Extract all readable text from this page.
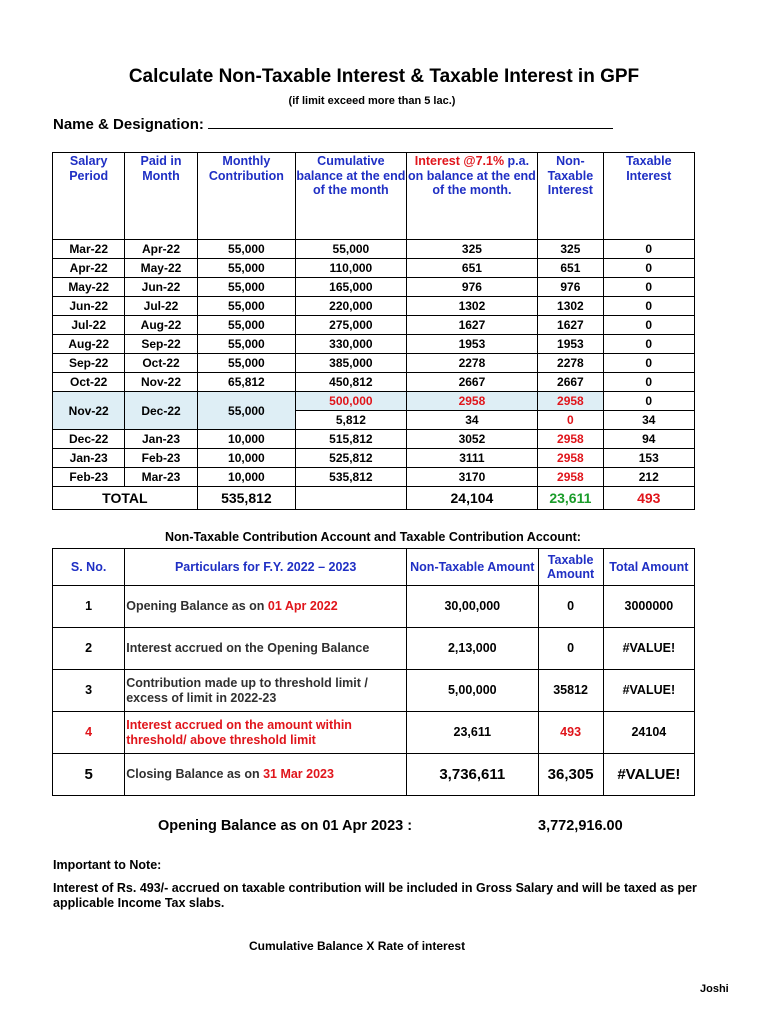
Calculate Non-Taxable Interest & Taxable Interest in GPF
(if limit exceed more than 5 lac.)
Name & Designation:
Salary Period	Paid in Month	Monthly Contribution	Cumulative balance at the end of the month	Interest @7.1% p.a. on balance at the end of the month.	Non-Taxable Interest	Taxable Interest
Mar-22	Apr-22	55,000	55,000	325	325	0
Apr-22	May-22	55,000	110,000	651	651	0
May-22	Jun-22	55,000	165,000	976	976	0
Jun-22	Jul-22	55,000	220,000	1302	1302	0
Jul-22	Aug-22	55,000	275,000	1627	1627	0
Aug-22	Sep-22	55,000	330,000	1953	1953	0
Sep-22	Oct-22	55,000	385,000	2278	2278	0
Oct-22	Nov-22	65,812	450,812	2667	2667	0
Nov-22	Dec-22	55,000	500,000	2958	2958	0
			5,812	34	0	34
Dec-22	Jan-23	10,000	515,812	3052	2958	94
Jan-23	Feb-23	10,000	525,812	3111	2958	153
Feb-23	Mar-23	10,000	535,812	3170	2958	212
TOTAL		535,812		24,104	23,611	493
Non-Taxable Contribution Account and Taxable Contribution Account:
S. No.	Particulars for F.Y. 2022 – 2023	Non-Taxable Amount	Taxable Amount	Total Amount
1	Opening Balance as on 01 Apr 2022	30,00,000	0	3000000
2	Interest accrued on the Opening Balance	2,13,000	0	#VALUE!
3	Contribution made up to threshold limit / excess of limit in 2022-23	5,00,000	35812	#VALUE!
4	Interest accrued on the amount within threshold/ above threshold limit	23,611	493	24104
5	Closing Balance as on 31 Mar 2023	3,736,611	36,305	#VALUE!
Opening Balance as on 01 Apr 2023 :	3,772,916.00
Important to Note:
Interest of Rs. 493/- accrued on taxable contribution will be included in Gross Salary and will be taxed as per applicable Income Tax slabs.
Cumulative Balance X Rate of interest
Joshi
